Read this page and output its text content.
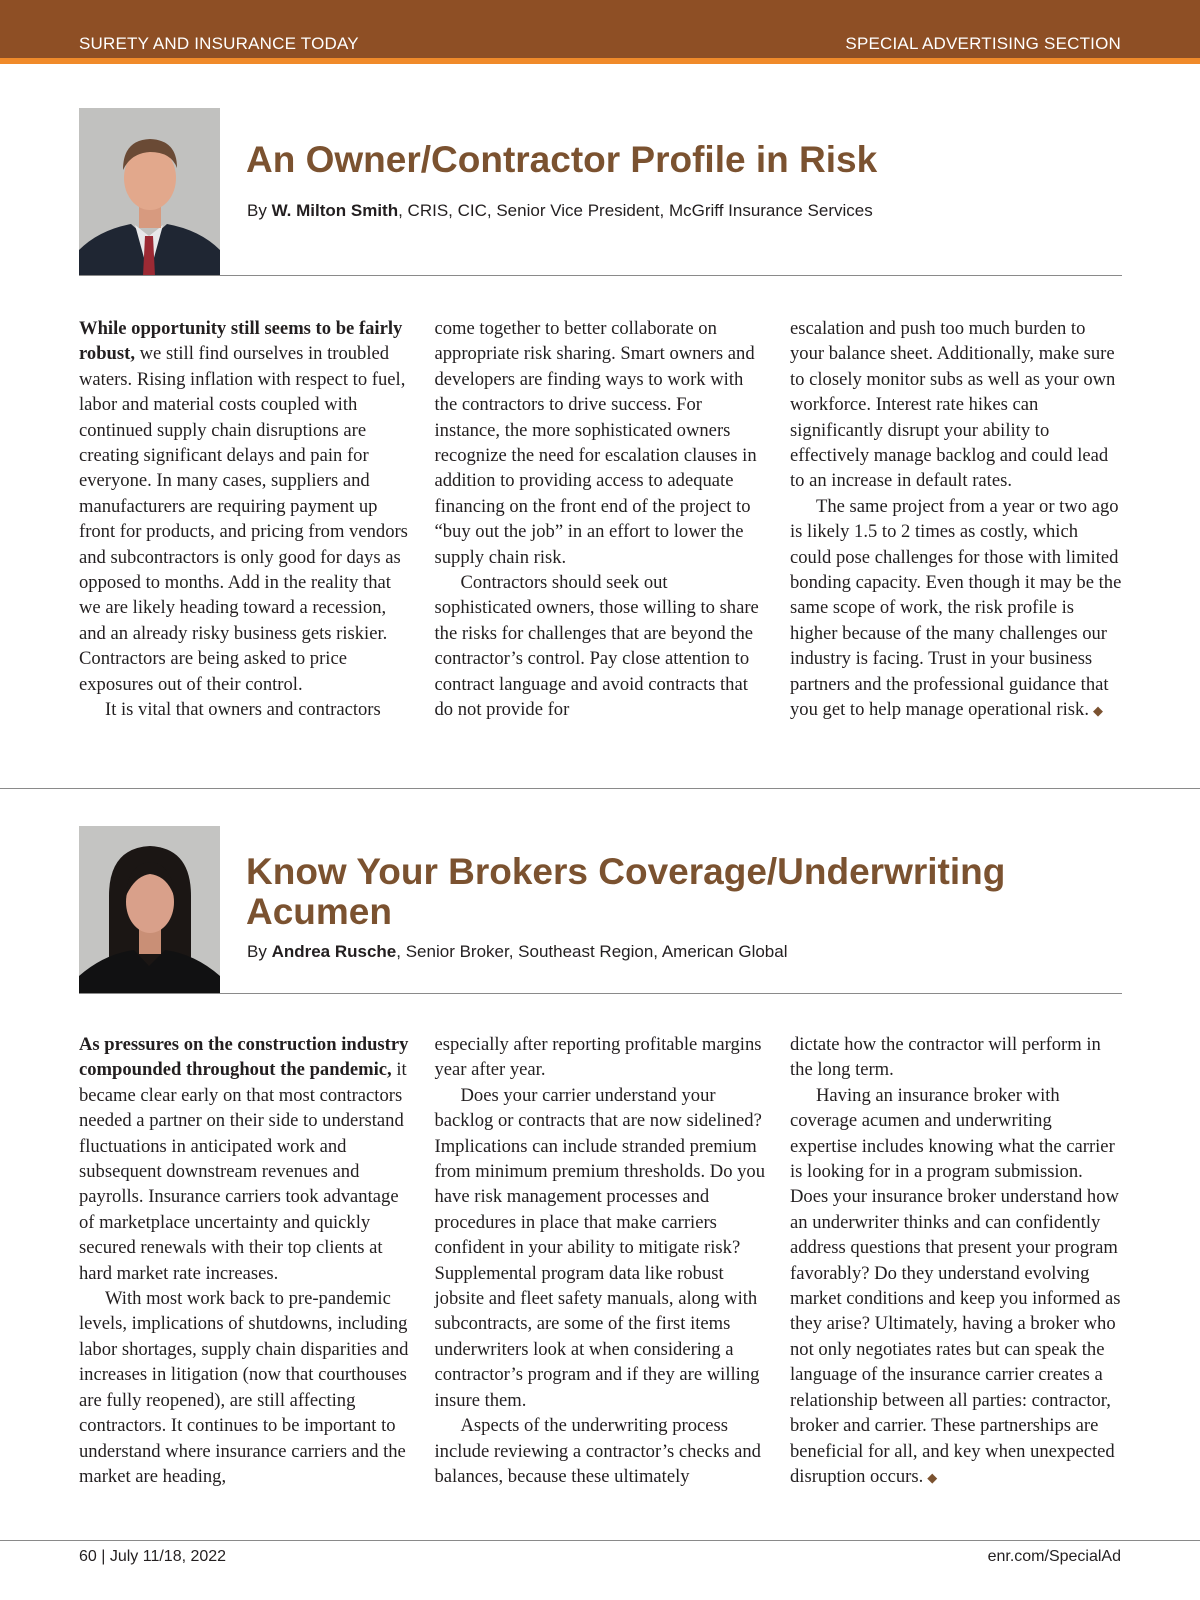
SURETY AND INSURANCE TODAY	SPECIAL ADVERTISING SECTION
An Owner/Contractor Profile in Risk

By W. Milton Smith, CRIS, CIC, Senior Vice President, McGriff Insurance Services

While opportunity still seems to be fairly robust, we still find ourselves in troubled waters. Rising inflation with respect to fuel, labor and material costs coupled with continued supply chain disruptions are creating significant delays and pain for everyone. In many cases, suppliers and manufacturers are requiring payment up front for products, and pricing from vendors and subcontractors is only good for days as opposed to months. Add in the reality that we are likely heading toward a recession, and an already risky business gets riskier. Contractors are being asked to price exposures out of their control.

It is vital that owners and contractors

come together to better collaborate on appropriate risk sharing. Smart owners and developers are finding ways to work with the contractors to drive success. For instance, the more sophisticated owners recognize the need for escalation clauses in addition to providing access to adequate financing on the front end of the project to “buy out the job” in an effort to lower the supply chain risk.

Contractors should seek out sophisticated owners, those willing to share the risks for challenges that are beyond the contractor’s control. Pay close attention to contract language and avoid contracts that do not provide for

escalation and push too much burden to your balance sheet. Additionally, make sure to closely monitor subs as well as your own workforce. Interest rate hikes can significantly disrupt your ability to effectively manage backlog and could lead to an increase in default rates.

The same project from a year or two ago is likely 1.5 to 2 times as costly, which could pose challenges for those with limited bonding capacity. Even though it may be the same scope of work, the risk profile is higher because of the many challenges our industry is facing. Trust in your business partners and the professional guidance that you get to help manage operational risk. ◆

Know Your Brokers Coverage/Underwriting Acumen

By Andrea Rusche, Senior Broker, Southeast Region, American Global

As pressures on the construction industry compounded throughout the pandemic, it became clear early on that most contractors needed a partner on their side to understand fluctuations in anticipated work and subsequent downstream revenues and payrolls. Insurance carriers took advantage of marketplace uncertainty and quickly secured renewals with their top clients at hard market rate increases.

With most work back to pre-pandemic levels, implications of shutdowns, including labor shortages, supply chain disparities and increases in litigation (now that courthouses are fully reopened), are still affecting contractors. It continues to be important to understand where insurance carriers and the market are heading,

especially after reporting profitable margins year after year.

Does your carrier understand your backlog or contracts that are now sidelined? Implications can include stranded premium from minimum premium thresholds. Do you have risk management processes and procedures in place that make carriers confident in your ability to mitigate risk? Supplemental program data like robust jobsite and fleet safety manuals, along with subcontracts, are some of the first items underwriters look at when considering a contractor’s program and if they are willing insure them.

Aspects of the underwriting process include reviewing a contractor’s checks and balances, because these ultimately

dictate how the contractor will perform in the long term.

Having an insurance broker with coverage acumen and underwriting expertise includes knowing what the carrier is looking for in a program submission. Does your insurance broker understand how an underwriter thinks and can confidently address questions that present your program favorably? Do they understand evolving market conditions and keep you informed as they arise? Ultimately, having a broker who not only negotiates rates but can speak the language of the insurance carrier creates a relationship between all parties: contractor, broker and carrier. These partnerships are beneficial for all, and key when unexpected disruption occurs. ◆

60 | July 11/18, 2022	enr.com/SpecialAd
